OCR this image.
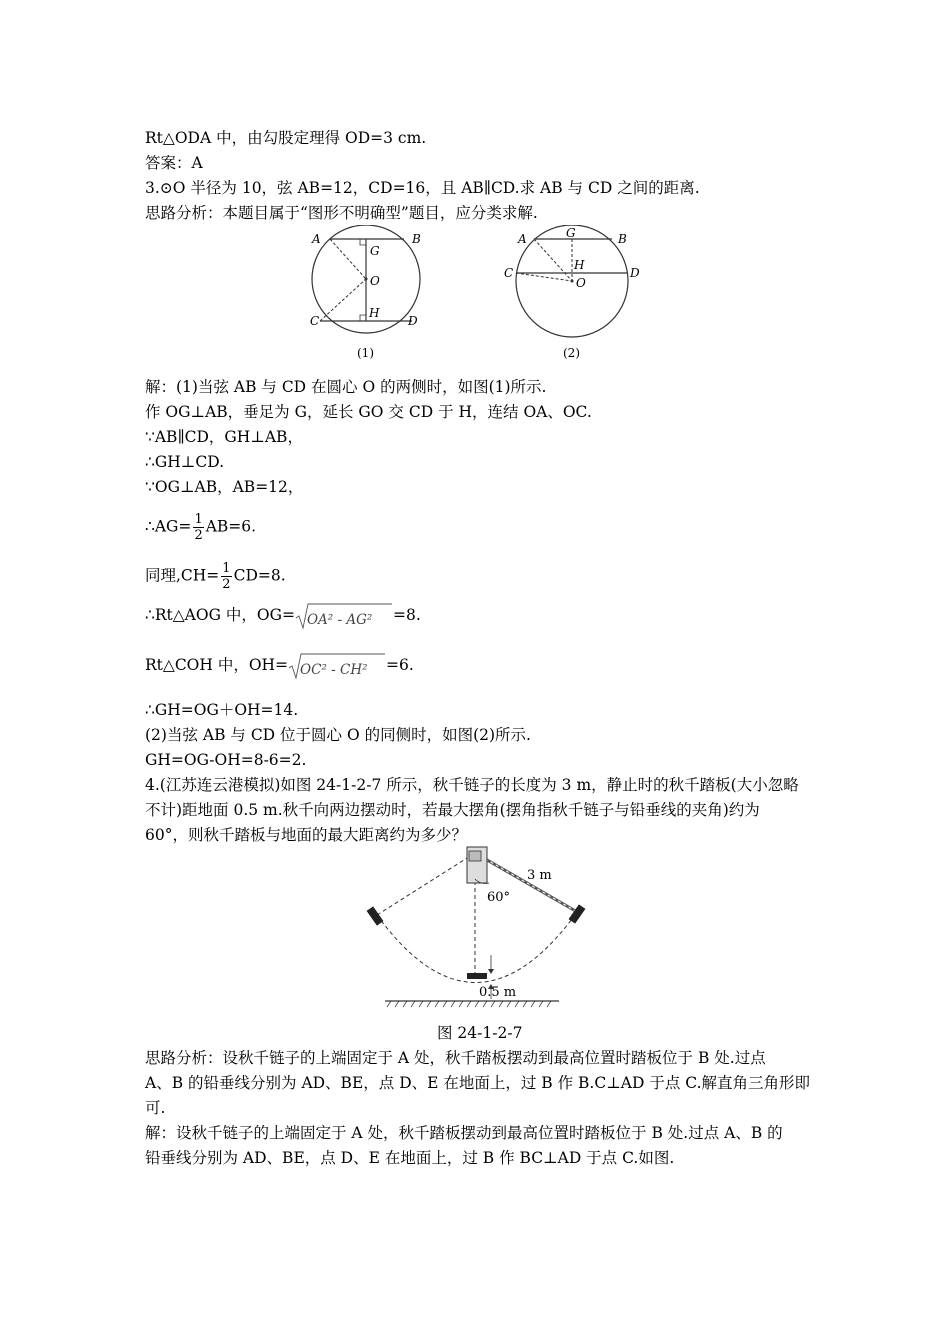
Rt△ODA 中，由勾股定理得 OD=3 cm.
答案：A
3.⊙O 半径为 10，弦 AB=12，CD=16，且 AB∥CD.求 AB 与 CD 之间的距离.
思路分析：本题目属于“图形不明确型”题目，应分类求解.
A	B
G
O
C
H
D
(1)
A	B
G
C
H
O
D
(2)
解：(1)当弦 AB 与 CD 在圆心 O 的两侧时，如图(1)所示.
作 OG⊥AB，垂足为 G，延长 GO 交 CD 于 H，连结 OA、OC.
∵AB∥CD，GH⊥AB，
∴GH⊥CD.
∵OG⊥AB，AB=12，
∴AG= $\frac{1}{2} AB=6$.
同理$,CH= \frac{1}{2} CD=8$.
∴Rt△AOG 中，OG= OA² - AG² =8.
Rt△COH 中，OH= OC² - CH² =6.
∴GH=OG＋OH=14.
(2)当弦 AB 与 CD 位于圆心 O 的同侧时，如图(2)所示.
GH=OG-OH=8-6=2.
4.(江苏连云港模拟)如图 24-1-2-7 所示，秋千链子的长度为 3 m，静止时的秋千踏板(大小忽略
不计)距地面 0.5 m.秋千向两边摆动时，若最大摆角(摆角指秋千链子与铅垂线的夹角)约为
60°，则秋千踏板与地面的最大距离约为多少？
3 m
60°
0.5 m
图 24-1-2-7
思路分析：设秋千链子的上端固定于 A 处，秋千踏板摆动到最高位置时踏板位于 B 处.过点
A、B 的铅垂线分别为 AD、BE，点 D、E 在地面上，过 B 作 B.C⊥AD 于点 C.解直角三角形即
可.
解：设秋千链子的上端固定于 A 处，秋千踏板摆动到最高位置时踏板位于 B 处.过点 A、B 的
铅垂线分别为 AD、BE，点 D、E 在地面上，过 B 作 BC⊥AD 于点 C.如图.
